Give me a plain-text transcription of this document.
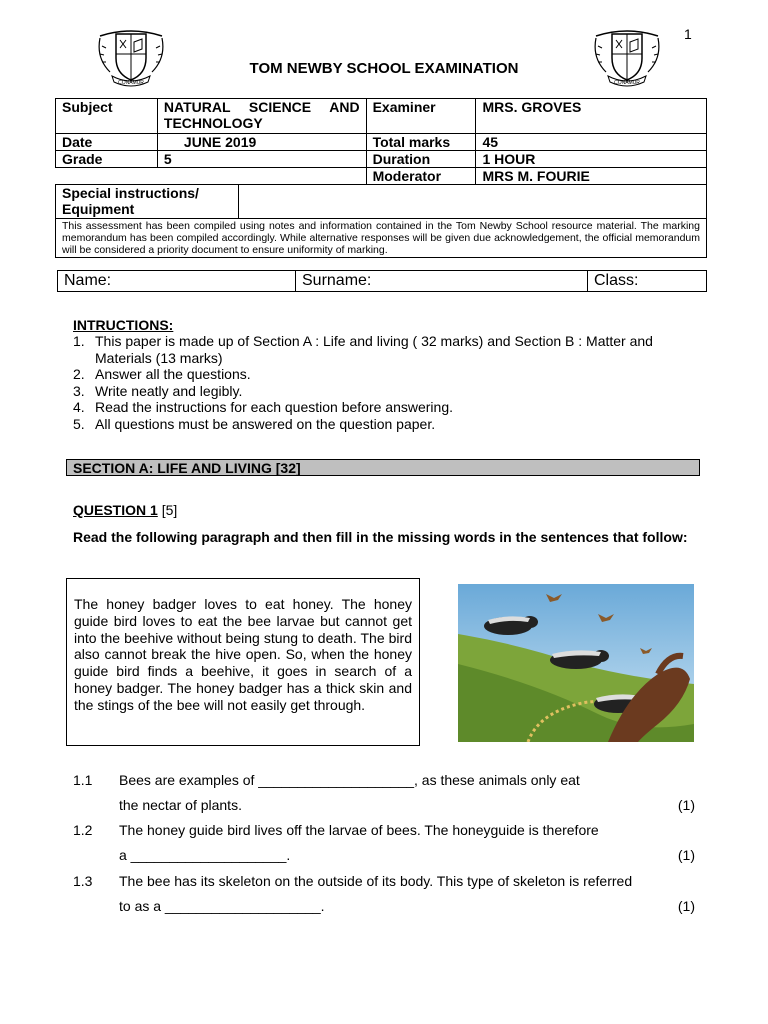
1
CONAMUR	CONAMUR
TOM NEWBY SCHOOL EXAMINATION
Subject	NATURAL SCIENCE AND TECHNOLOGY		Examiner	MRS. GROVES
Date	JUNE 2019		Total marks	45
Grade	5		Duration	1 HOUR
			Moderator	MRS M. FOURIE
Special instructions/ Equipment				
This assessment has been compiled using notes and information contained in the Tom Newby School resource material. The marking memorandum has been compiled accordingly. While alternative responses will be given due acknowledgement, the official memorandum will be considered a priority document to ensure uniformity of marking.				
Name:	Surname:	Class:
INTRUCTIONS:
1. This paper is made up of Section A : Life and living ( 32 marks) and Section B : Matter and Materials (13 marks)
2. Answer all the questions.
3. Write neatly and legibly.
4. Read the instructions for each question before answering.
5. All questions must be answered on the question paper.
SECTION A: LIFE AND LIVING [32]
QUESTION 1 [5]
Read the following paragraph and then fill in the missing words in the sentences that follow:
The honey badger loves to eat honey. The honey guide bird loves to eat the bee larvae but cannot get into the beehive without being stung to death. The bird also cannot break the hive open. So, when the honey guide bird finds a beehive, it goes in search of a honey badger. The honey badger has a thick skin and the stings of the bee will not easily get through.
1.1 Bees are examples of ____________________, as these animals only eat
the nectar of plants.	(1)
1.2 The honey guide bird lives off the larvae of bees. The honeyguide is therefore
a ____________________.	(1)
1.3 The bee has its skeleton on the outside of its body. This type of skeleton is referred
to as a ____________________.	(1)
